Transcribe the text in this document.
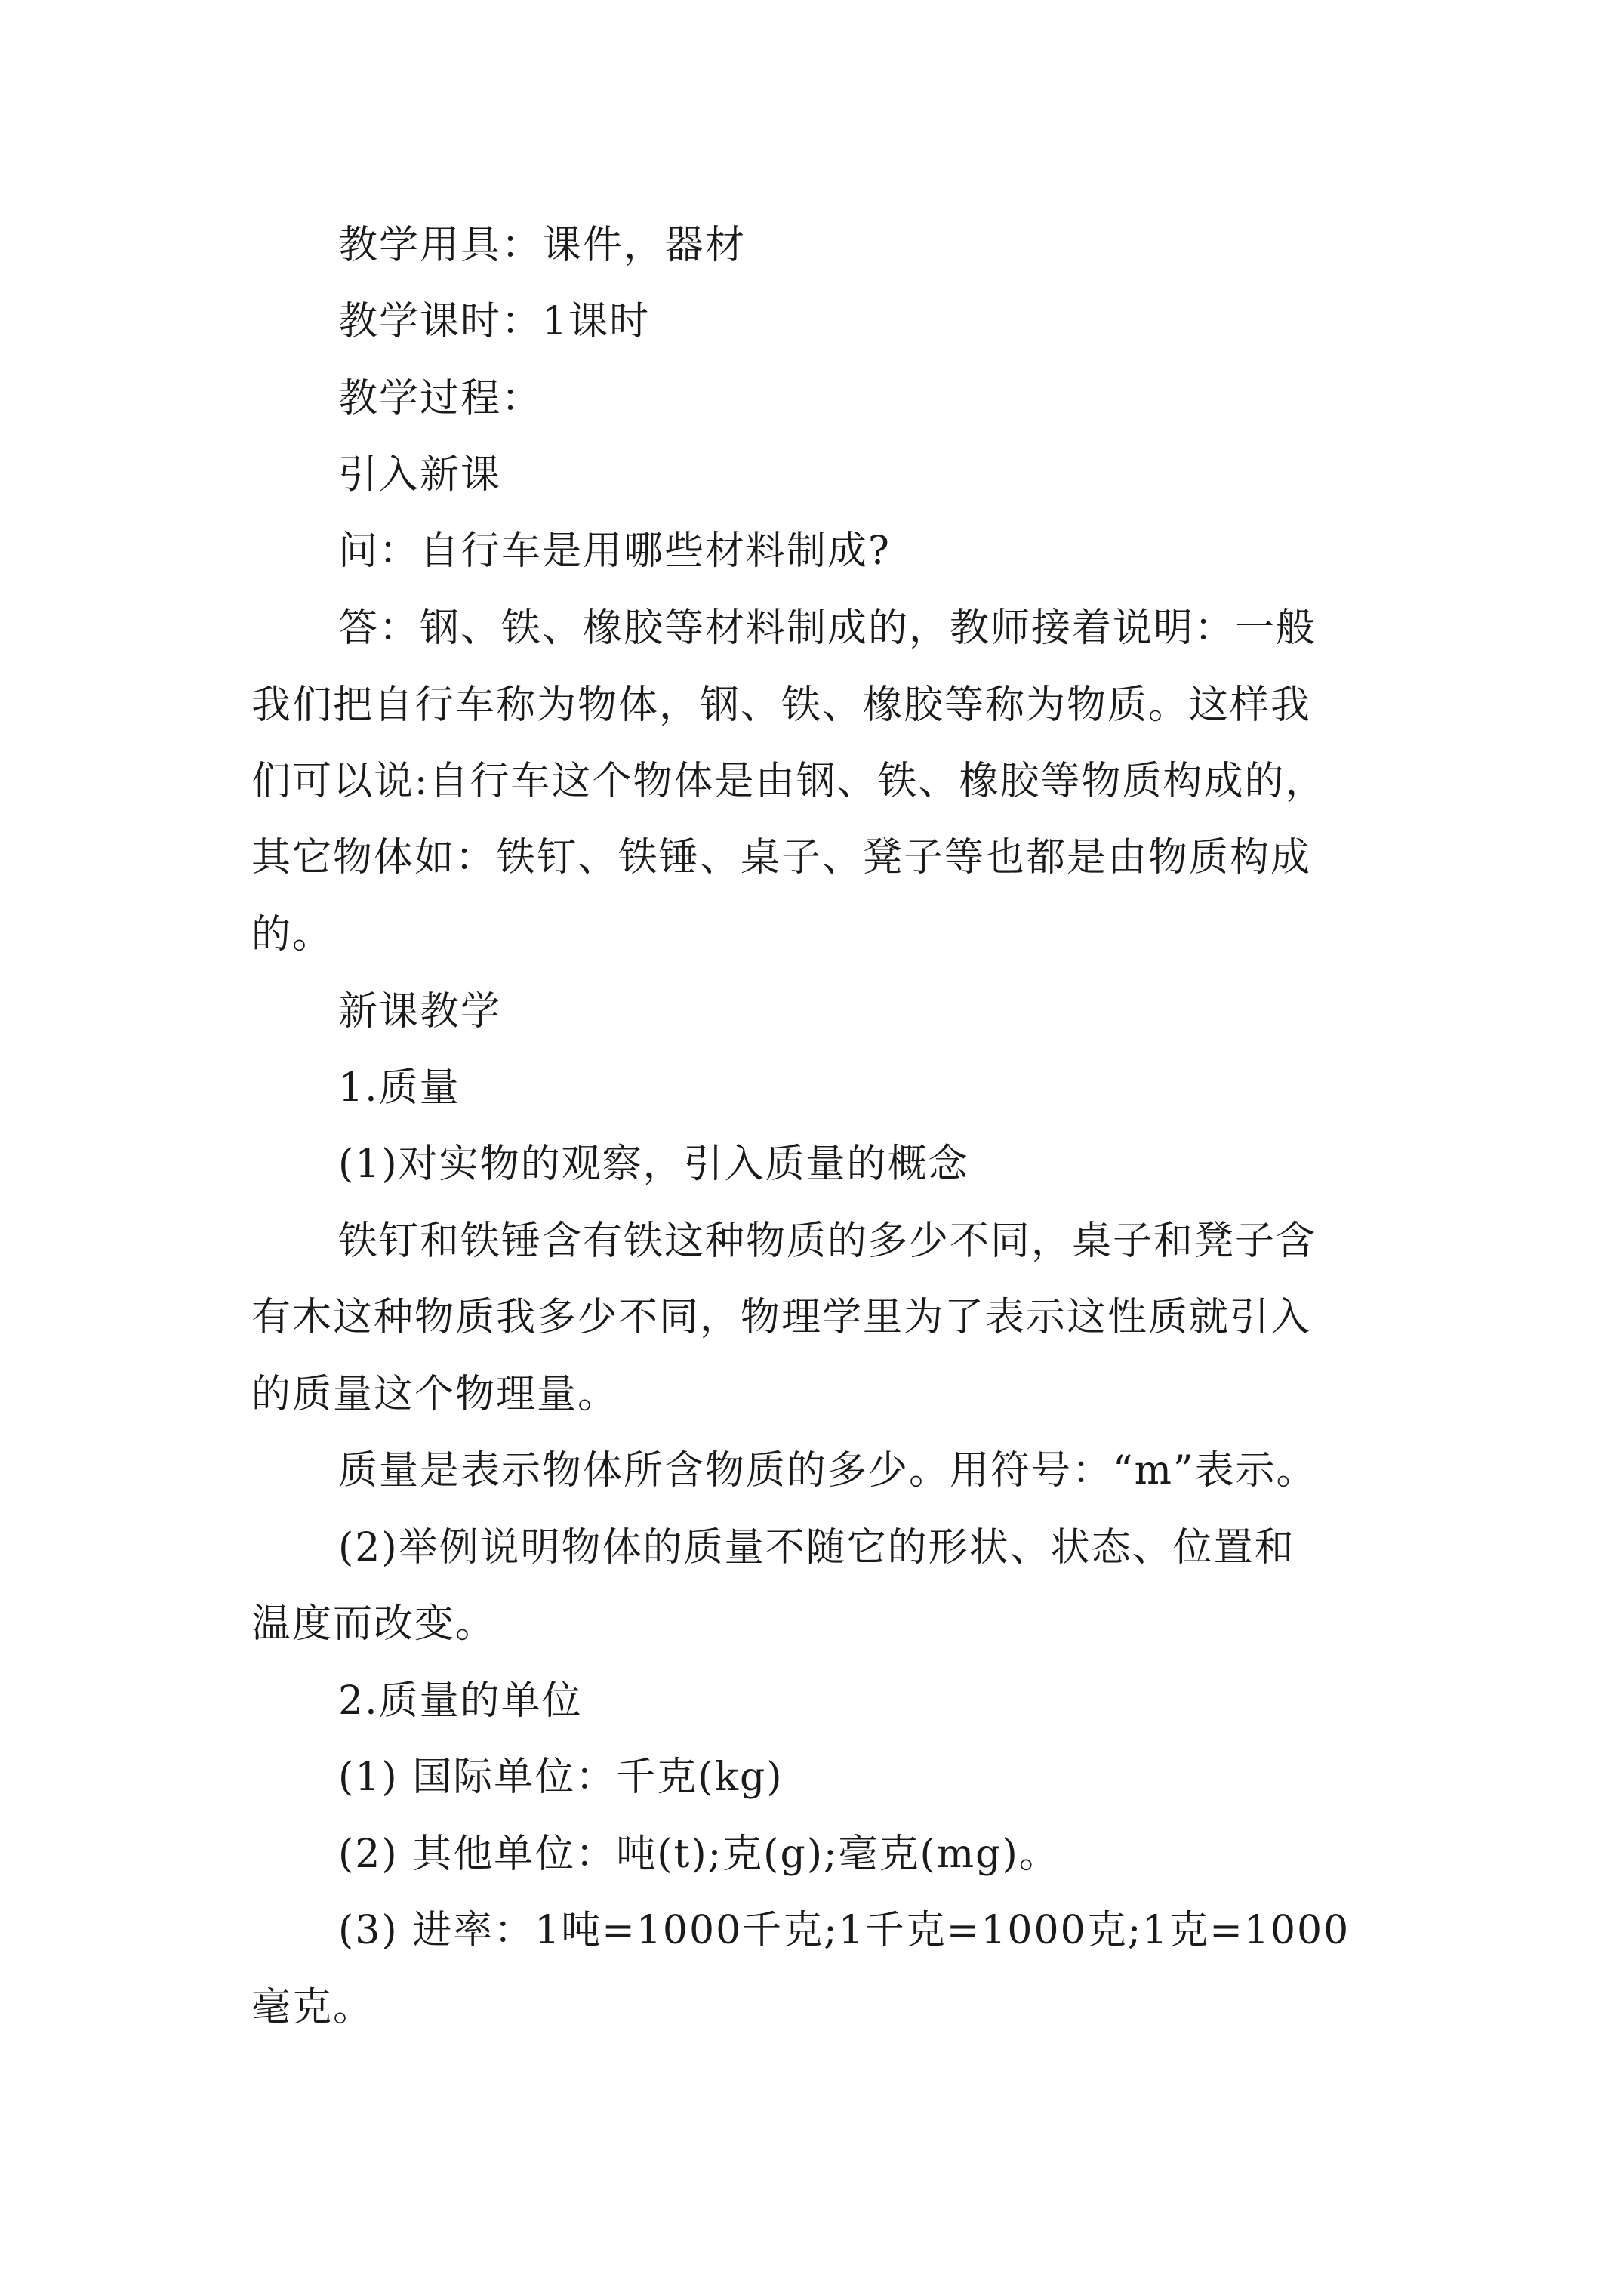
教学用具：课件，器材
教学课时：1课时
教学过程：
引入新课
问：自行车是用哪些材料制成?
答：钢、铁、橡胶等材料制成的，教师接着说明：一般
我们把自行车称为物体，钢、铁、橡胶等称为物质。这样我
们可以说:自行车这个物体是由钢、铁、橡胶等物质构成的，
其它物体如：铁钉、铁锤、桌子、凳子等也都是由物质构成
的。
新课教学
1.质量
(1)对实物的观察，引入质量的概念
铁钉和铁锤含有铁这种物质的多少不同，桌子和凳子含
有木这种物质我多少不同，物理学里为了表示这性质就引入
的质量这个物理量。
质量是表示物体所含物质的多少。用符号：“m”表示。
(2)举例说明物体的质量不随它的形状、状态、位置和
温度而改变。
2.质量的单位
(1) 国际单位：千克(kg)
(2) 其他单位：吨(t);克(g);毫克(mg)。
(3) 进率：1吨=1000千克;1千克=1000克;1克=1000
毫克。
